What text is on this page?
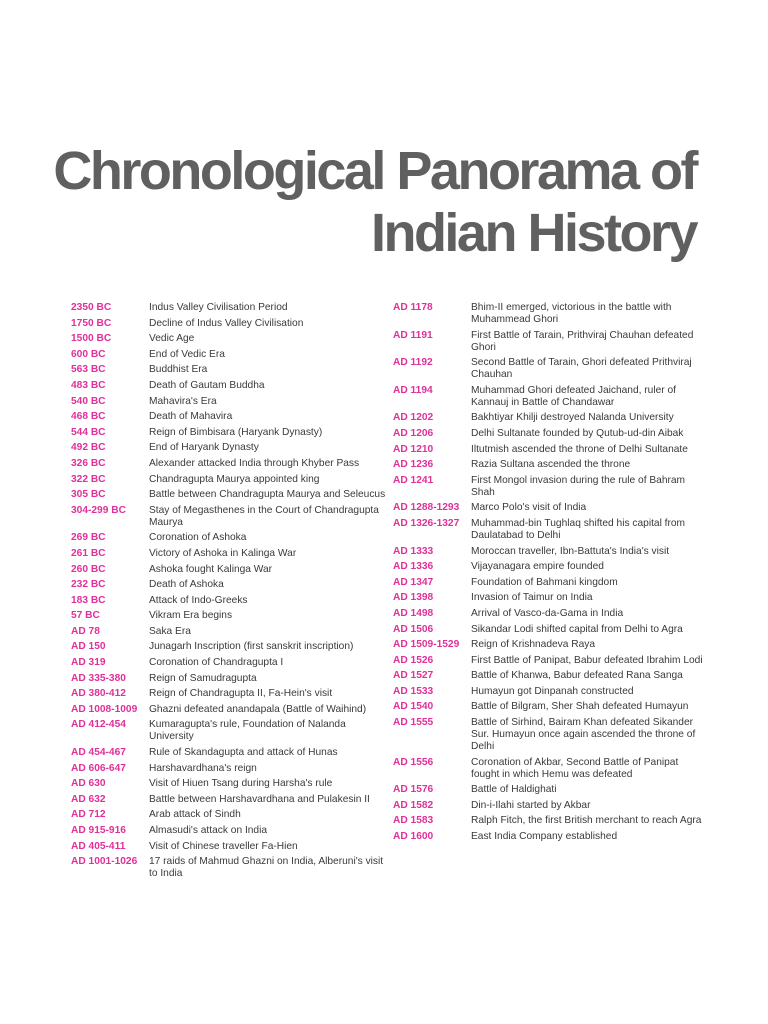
Chronological Panorama of
Indian History
2350 BC	Indus Valley Civilisation Period
1750 BC	Decline of Indus Valley Civilisation
1500 BC	Vedic Age
600 BC	End of Vedic Era
563 BC	Buddhist Era
483 BC	Death of Gautam Buddha
540 BC	Mahavira's Era
468 BC	Death of Mahavira
544 BC	Reign of Bimbisara (Haryank Dynasty)
492 BC	End of Haryank Dynasty
326 BC	Alexander attacked India through Khyber Pass
322 BC	Chandragupta Maurya appointed king
305 BC	Battle between Chandragupta Maurya and Seleucus
304-299 BC	Stay of Megasthenes in the Court of Chandragupta Maurya
269 BC	Coronation of Ashoka
261 BC	Victory of Ashoka in Kalinga War
260 BC	Ashoka fought Kalinga War
232 BC	Death of Ashoka
183 BC	Attack of Indo-Greeks
57 BC	Vikram Era begins
AD 78	Saka Era
AD 150	Junagarh Inscription (first sanskrit inscription)
AD 319	Coronation of Chandragupta I
AD 335-380	Reign of Samudragupta
AD 380-412	Reign of Chandragupta II, Fa-Hein's visit
AD 1008-1009	Ghazni defeated anandapala (Battle of Waihind)
AD 412-454	Kumaragupta's rule, Foundation of Nalanda University
AD 454-467	Rule of Skandagupta and attack of Hunas
AD 606-647	Harshavardhana's reign
AD 630	Visit of Hiuen Tsang during Harsha's rule
AD 632	Battle between Harshavardhana and Pulakesin II
AD 712	Arab attack of Sindh
AD 915-916	Almasudi's attack on India
AD 405-411	Visit of Chinese traveller Fa-Hien
AD 1001-1026	17 raids of Mahmud Ghazni on India, Alberuni's visit to India
AD 1178	Bhim-II emerged, victorious in the battle with Muhammead Ghori
AD 1191	First Battle of Tarain, Prithviraj Chauhan defeated Ghori
AD 1192	Second Battle of Tarain, Ghori defeated Prithviraj Chauhan
AD 1194	Muhammad Ghori defeated Jaichand, ruler of Kannauj in Battle of Chandawar
AD 1202	Bakhtiyar Khilji destroyed Nalanda University
AD 1206	Delhi Sultanate founded by Qutub-ud-din Aibak
AD 1210	Iltutmish ascended the throne of Delhi Sultanate
AD 1236	Razia Sultana ascended the throne
AD 1241	First Mongol invasion during the rule of Bahram Shah
AD 1288-1293	Marco Polo's visit of India
AD 1326-1327	Muhammad-bin Tughlaq shifted his capital from Daulatabad to Delhi
AD 1333	Moroccan traveller, Ibn-Battuta's India's visit
AD 1336	Vijayanagara empire founded
AD 1347	Foundation of Bahmani kingdom
AD 1398	Invasion of Taimur on India
AD 1498	Arrival of Vasco-da-Gama in India
AD 1506	Sikandar Lodi shifted capital from Delhi to Agra
AD 1509-1529	Reign of Krishnadeva Raya
AD 1526	First Battle of Panipat, Babur defeated Ibrahim Lodi
AD 1527	Battle of Khanwa, Babur defeated Rana Sanga
AD 1533	Humayun got Dinpanah constructed
AD 1540	Battle of Bilgram, Sher Shah defeated Humayun
AD 1555	Battle of Sirhind, Bairam Khan defeated Sikander Sur. Humayun once again ascended the throne of Delhi
AD 1556	Coronation of Akbar, Second Battle of Panipat fought in which Hemu was defeated
AD 1576	Battle of Haldighati
AD 1582	Din-i-Ilahi started by Akbar
AD 1583	Ralph Fitch, the first British merchant to reach Agra
AD 1600	East India Company established
